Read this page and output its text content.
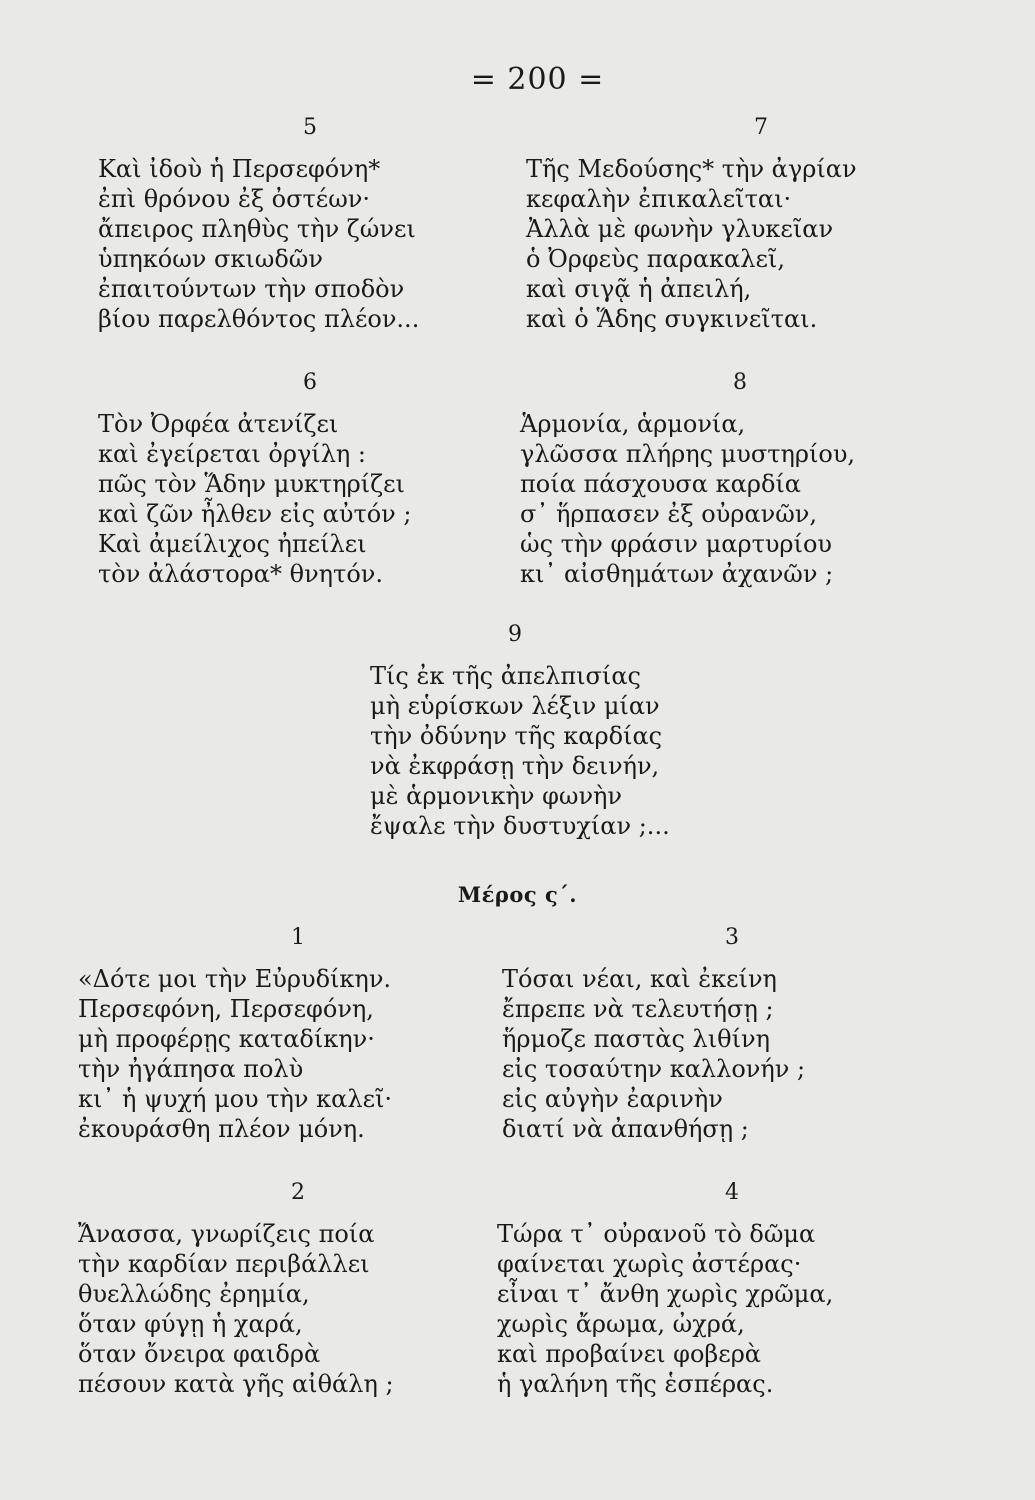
= 200 =
5
Καὶ ἰδοὺ ἡ Περσεφόνη*
ἐπὶ θρόνου ἐξ ὀστέων·
ἄπειρος πληθὺς τὴν ζώνει
ὑπηκόων σκιωδῶν
ἐπαιτούντων τὴν σποδὸν
βίου παρελθόντος πλέον...
7
Τῆς Μεδούσης* τὴν ἀγρίαν
κεφαλὴν ἐπικαλεῖται·
Ἀλλὰ μὲ φωνὴν γλυκεῖαν
ὁ Ὀρφεὺς παρακαλεῖ,
καὶ σιγᾷ ἡ ἀπειλή,
καὶ ὁ Ἅδης συγκινεῖται.
6
Τὸν Ὀρφέα ἀτενίζει
καὶ ἐγείρεται ὀργίλη :
πῶς τὸν Ἅδην μυκτηρίζει
καὶ ζῶν ἦλθεν εἰς αὐτόν ;
Καὶ ἀμείλιχος ἠπείλει
τὸν ἀλάστορα* θνητόν.
8
Ἁρμονία, ἁρμονία,
γλῶσσα πλήρης μυστηρίου,
ποία πάσχουσα καρδία
σ᾿ ἥρπασεν ἐξ οὐρανῶν,
ὡς τὴν φράσιν μαρτυρίου
κι᾿ αἰσθημάτων ἀχανῶν ;
9
Τίς ἐκ τῆς ἀπελπισίας
μὴ εὑρίσκων λέξιν μίαν
τὴν ὀδύνην τῆς καρδίας
νὰ ἐκφράσῃ τὴν δεινήν,
μὲ ἁρμονικὴν φωνὴν
ἔψαλε τὴν δυστυχίαν ;...
Μέρος ς΄.
1
«Δότε μοι τὴν Εὐρυδίκην.
Περσεφόνη, Περσεφόνη,
μὴ προφέρῃς καταδίκην·
τὴν ἠγάπησα πολὺ
κι᾿ ἡ ψυχή μου τὴν καλεῖ·
ἐκουράσθη πλέον μόνη.
3
Τόσαι νέαι, καὶ ἐκείνη
ἔπρεπε νὰ τελευτήσῃ ;
ἥρμοζε παστὰς λιθίνη
εἰς τοσαύτην καλλονήν ;
εἰς αὐγὴν ἐαρινὴν
διατί νὰ ἀπανθήσῃ ;
2
Ἄνασσα, γνωρίζεις ποία
τὴν καρδίαν περιβάλλει
θυελλώδης ἐρημία,
ὅταν φύγῃ ἡ χαρά,
ὅταν ὄνειρα φαιδρὰ
πέσουν κατὰ γῆς αἰθάλη ;
4
Τώρα τ᾿ οὐρανοῦ τὸ δῶμα
φαίνεται χωρὶς ἀστέρας·
εἶναι τ᾿ ἄνθη χωρὶς χρῶμα,
χωρὶς ἄρωμα, ὠχρά,
καὶ προβαίνει φοβερὰ
ἡ γαλήνη τῆς ἑσπέρας.
